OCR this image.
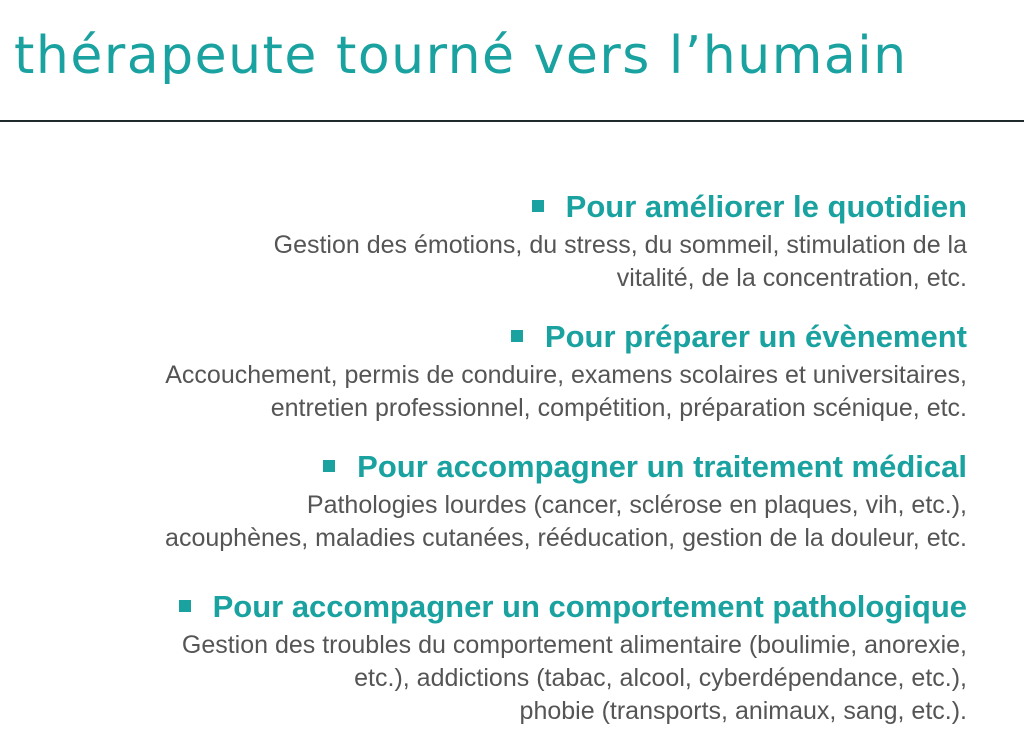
thérapeute tourné vers l’humain
Pour améliorer le quotidien
Gestion des émotions, du stress, du sommeil, stimulation de la
vitalité, de la concentration, etc.
Pour préparer un évènement
Accouchement, permis de conduire, examens scolaires et universitaires,
entretien professionnel, compétition, préparation scénique, etc.
Pour accompagner un traitement médical
Pathologies lourdes (cancer, sclérose en plaques, vih, etc.),
acouphènes, maladies cutanées, rééducation, gestion de la douleur, etc.
Pour accompagner un comportement pathologique
Gestion des troubles du comportement alimentaire (boulimie, anorexie,
etc.), addictions (tabac, alcool, cyberdépendance, etc.),
phobie (transports, animaux, sang, etc.).
